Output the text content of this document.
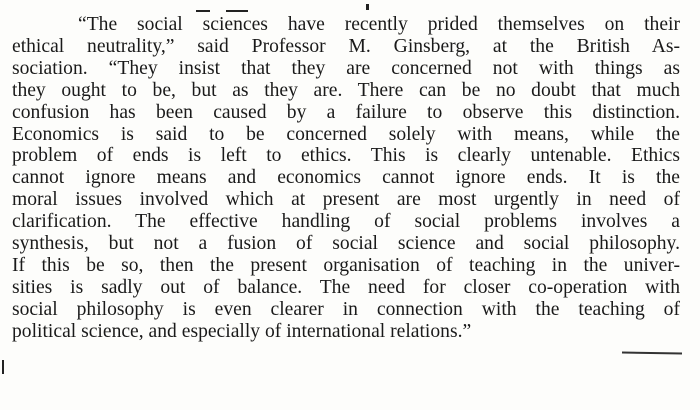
“The social sciences have recently prided themselves on their
ethical neutrality,” said Professor M. Ginsberg, at the British As-
sociation. “They insist that they are concerned not with things as
they ought to be, but as they are. There can be no doubt that much
confusion has been caused by a failure to observe this distinction.
Economics is said to be concerned solely with means, while the
problem of ends is left to ethics. This is clearly untenable. Ethics
cannot ignore means and economics cannot ignore ends. It is the
moral issues involved which at present are most urgently in need of
clarification. The effective handling of social problems involves a
synthesis, but not a fusion of social science and social philosophy.
If this be so, then the present organisation of teaching in the univer-
sities is sadly out of balance. The need for closer co-operation with
social philosophy is even clearer in connection with the teaching of
political science, and especially of international relations.”
